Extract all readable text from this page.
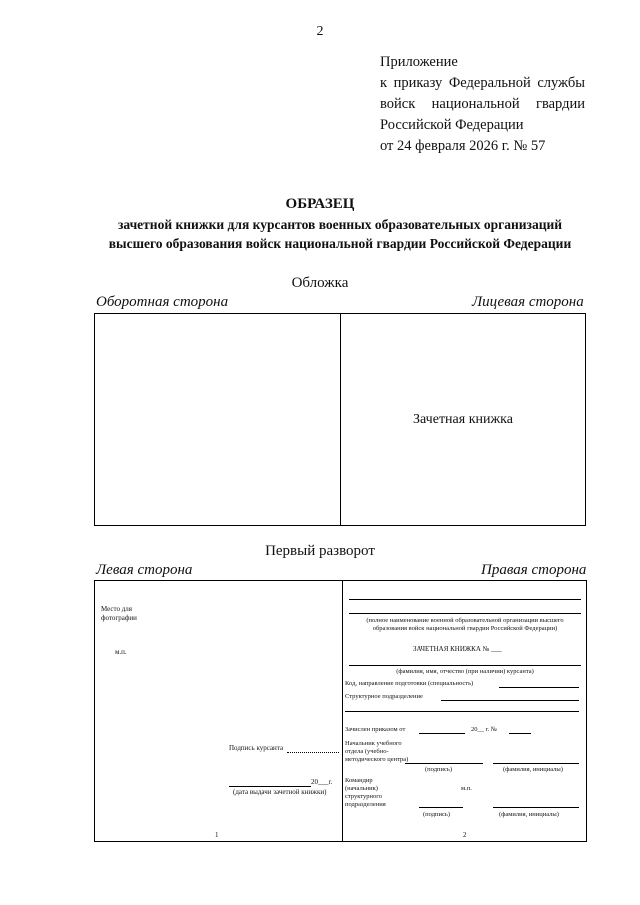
2
Приложение
к приказу Федеральной службы
войск национальной гвардии
Российской Федерации
от 24 февраля 2026 г. № 57
ОБРАЗЕЦ
зачетной книжки для курсантов военных образовательных организаций
высшего образования войск национальной гвардии Российской Федерации
Обложка
Оборотная сторона	Лицевая сторона
Зачетная книжка
Первый разворот
Левая сторона	Правая сторона
Место для
фотографии
м.п.
Подпись курсанта
20___г.
(дата выдачи зачетной книжки)
1
(полное наименование военной образовательной организации высшего
образования войск национальной гвардии Российской Федерации)
ЗАЧЕТНАЯ КНИЖКА № ___
(фамилия, имя, отчество (при наличии) курсанта)
Код, направление подготовки (специальность)
Структурное подразделение
Зачислен приказом от	20__ г. №
Начальник учебного
отдела (учебно-
методического центра)
(подпись)	(фамилия, инициалы)
Командир
(начальник)
структурного
подразделения
м.п.
(подпись)	(фамилия, инициалы)
2
